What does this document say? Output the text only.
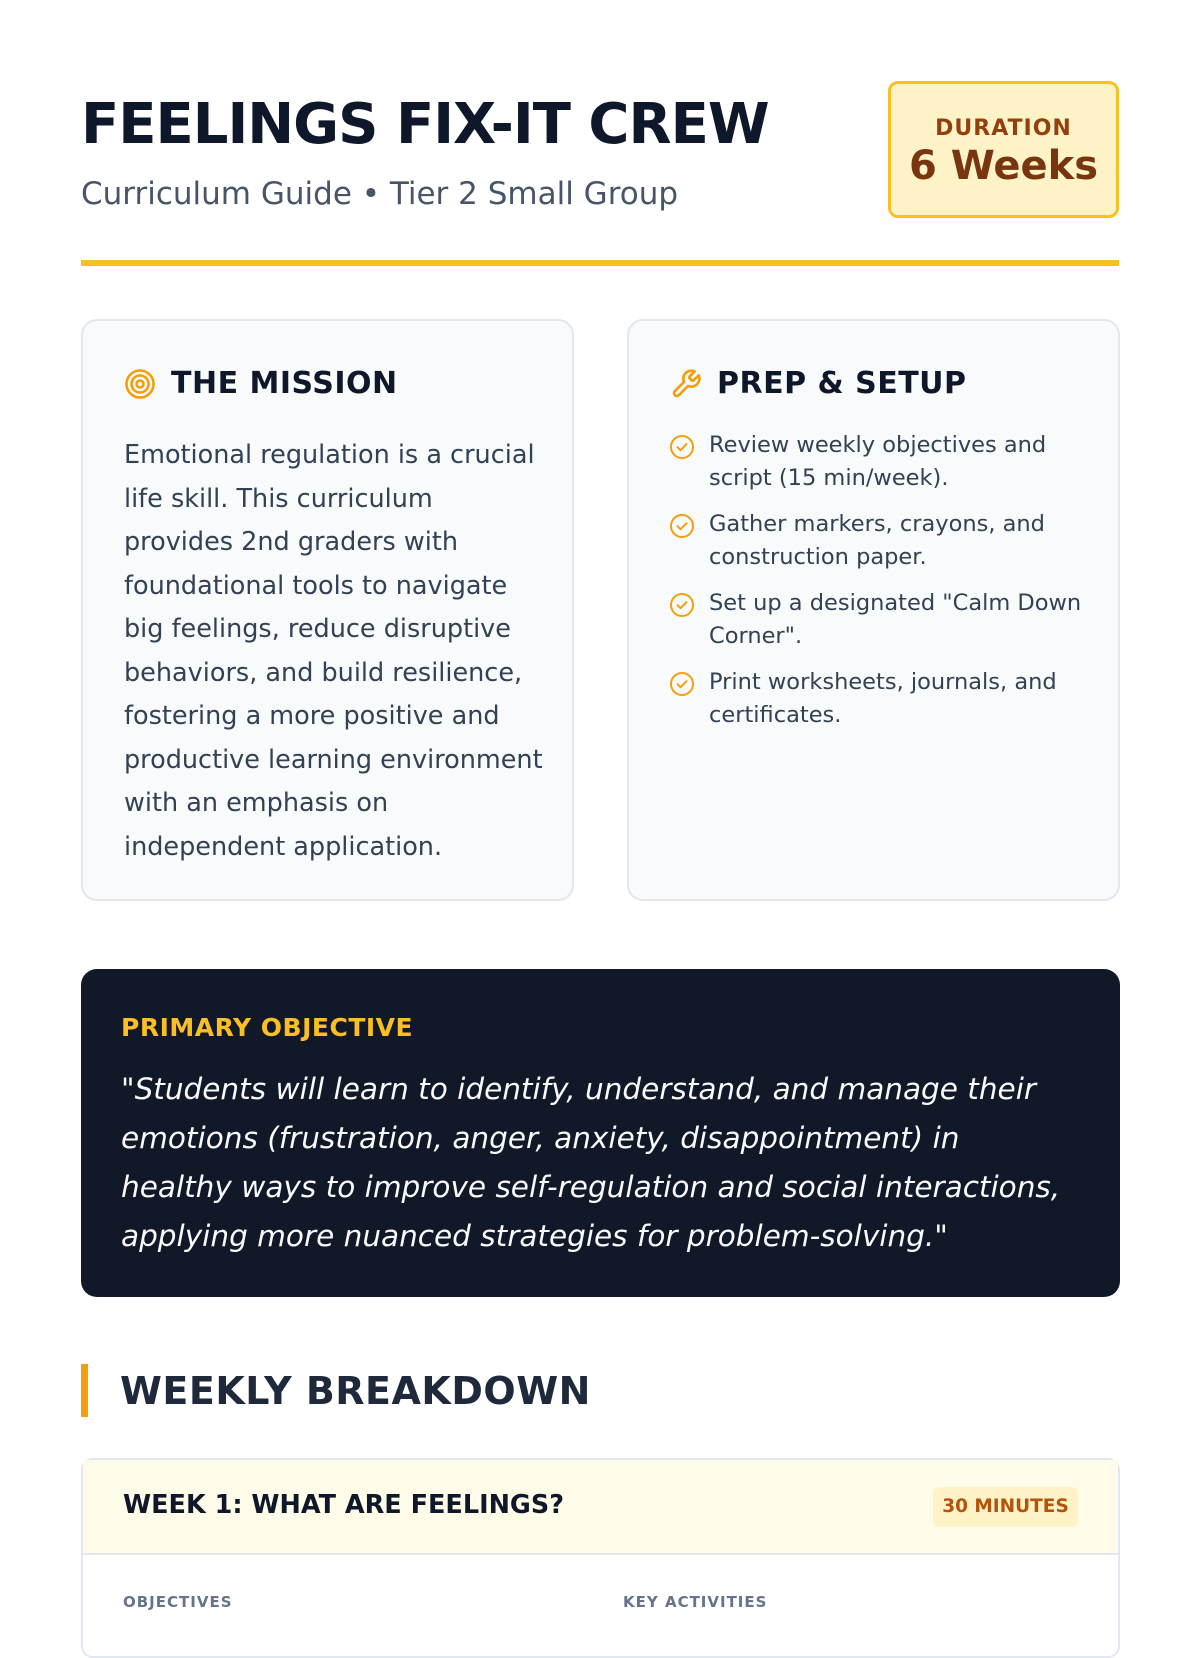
FEELINGS FIX-IT CREW
Curriculum Guide • Tier 2 Small Group
DURATION
6 Weeks
THE MISSION

Emotional regulation is a crucial life skill. This curriculum provides 2nd graders with foundational tools to navigate big feelings, reduce disruptive behaviors, and build resilience, fostering a more positive and productive learning environment with an emphasis on independent application.

PREP & SETUP
Review weekly objectives and script (15 min/week).
Gather markers, crayons, and construction paper.
Set up a designated "Calm Down Corner".
Print worksheets, journals, and certificates.
PRIMARY OBJECTIVE

"Students will learn to identify, understand, and manage their emotions (frustration, anger, anxiety, disappointment) in healthy ways to improve self-regulation and social interactions, applying more nuanced strategies for problem-solving."

WEEKLY BREAKDOWN
WEEK 1: WHAT ARE FEELINGS?	30 MINUTES
OBJECTIVES	KEY ACTIVITIES
